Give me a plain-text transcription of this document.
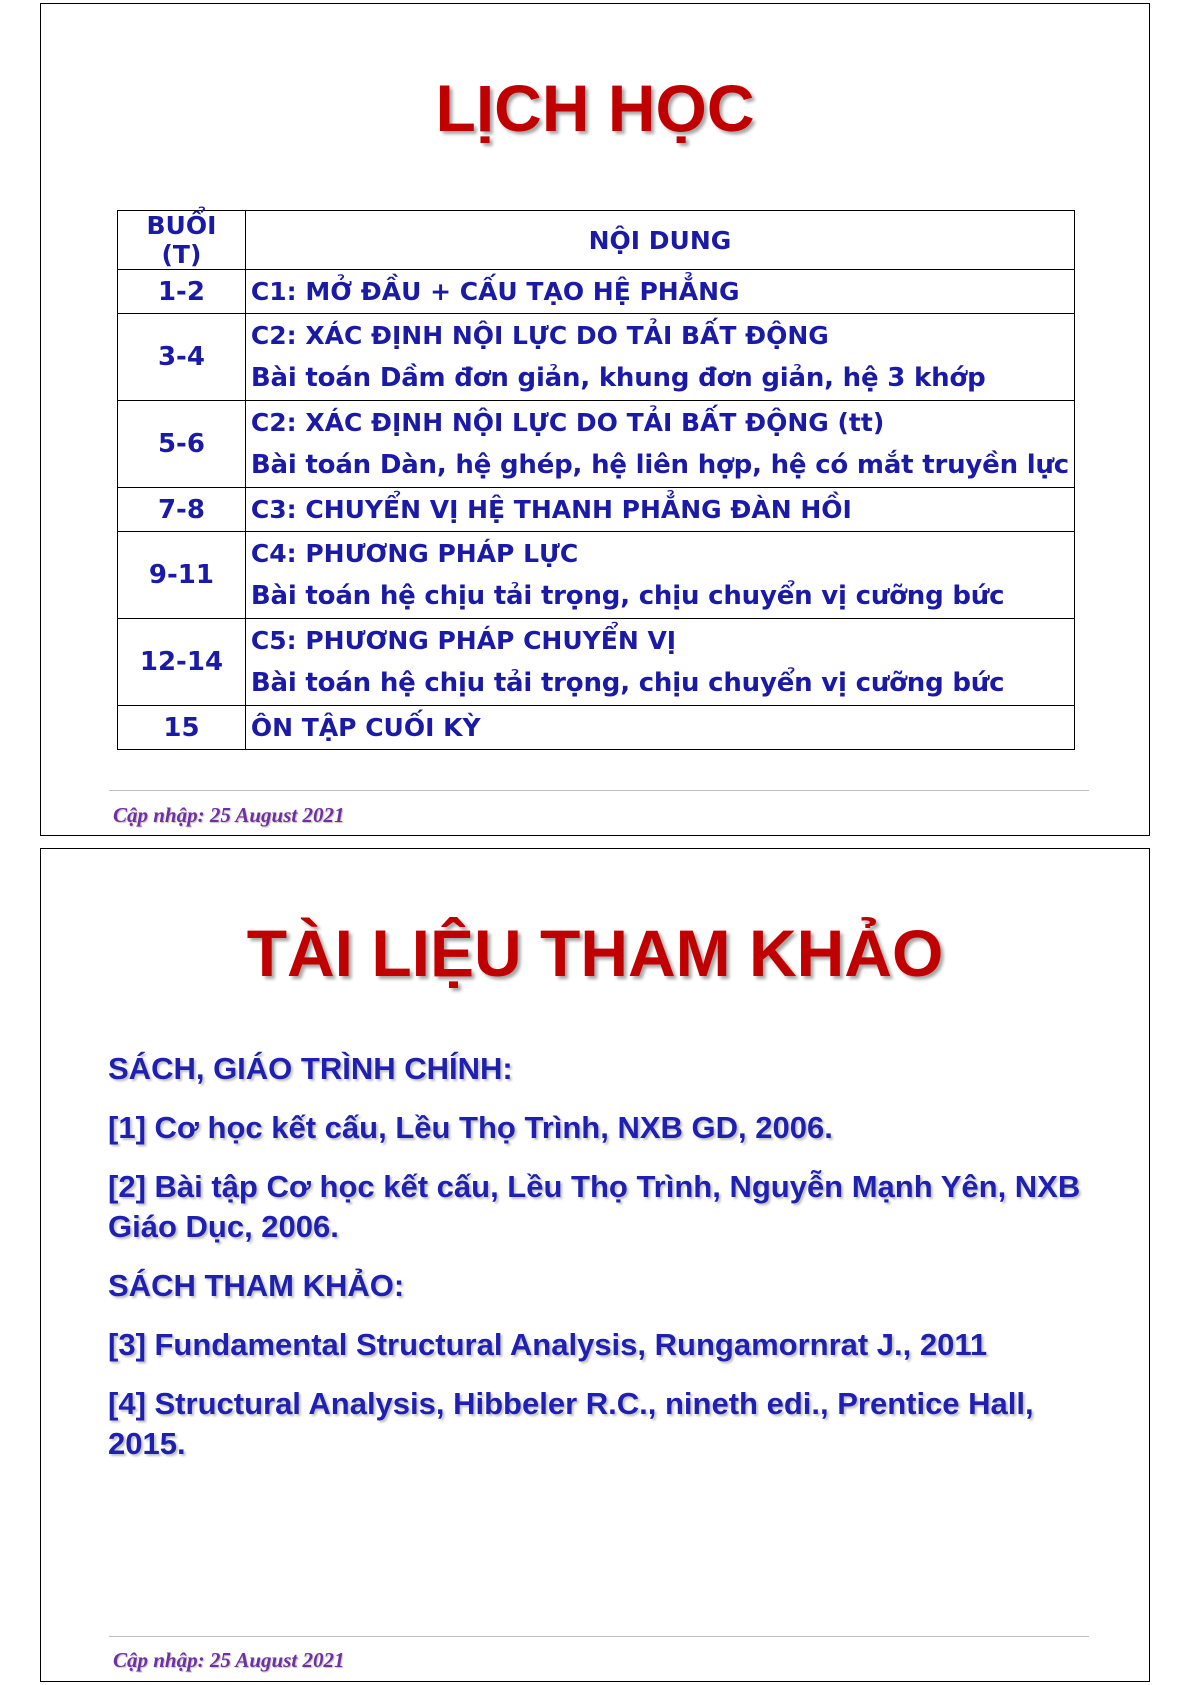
LỊCH HỌC
BUỔI (T)	NỘI DUNG
1-2	C1: MỞ ĐẦU + CẤU TẠO HỆ PHẲNG

3-4	C2: XÁC ĐỊNH NỘI LỰC DO TẢI BẤT ĐỘNG
Bài toán Dầm đơn giản, khung đơn giản, hệ 3 khớp

5-6	C2: XÁC ĐỊNH NỘI LỰC DO TẢI BẤT ĐỘNG (tt)
Bài toán Dàn, hệ ghép, hệ liên hợp, hệ có mắt truyền lực

7-8	C3: CHUYỂN VỊ HỆ THANH PHẲNG ĐÀN HỒI

9-11	C4: PHƯƠNG PHÁP LỰC
Bài toán hệ chịu tải trọng, chịu chuyển vị cưỡng bức

12-14	C5: PHƯƠNG PHÁP CHUYỂN VỊ
Bài toán hệ chịu tải trọng, chịu chuyển vị cưỡng bức

15	ÔN TẬP CUỐI KỲ
Cập nhập: 25 August 2021
TÀI LIỆU THAM KHẢO

SÁCH, GIÁO TRÌNH CHÍNH:

[1] Cơ học kết cấu, Lều Thọ Trình, NXB GD, 2006.

[2] Bài tập Cơ học kết cấu, Lều Thọ Trình, Nguyễn Mạnh Yên, NXB Giáo Dục, 2006.

SÁCH THAM KHẢO:

[3] Fundamental Structural Analysis, Rungamornrat J., 2011

[4] Structural Analysis, Hibbeler R.C., nineth edi., Prentice Hall, 2015.

Cập nhập: 25 August 2021
